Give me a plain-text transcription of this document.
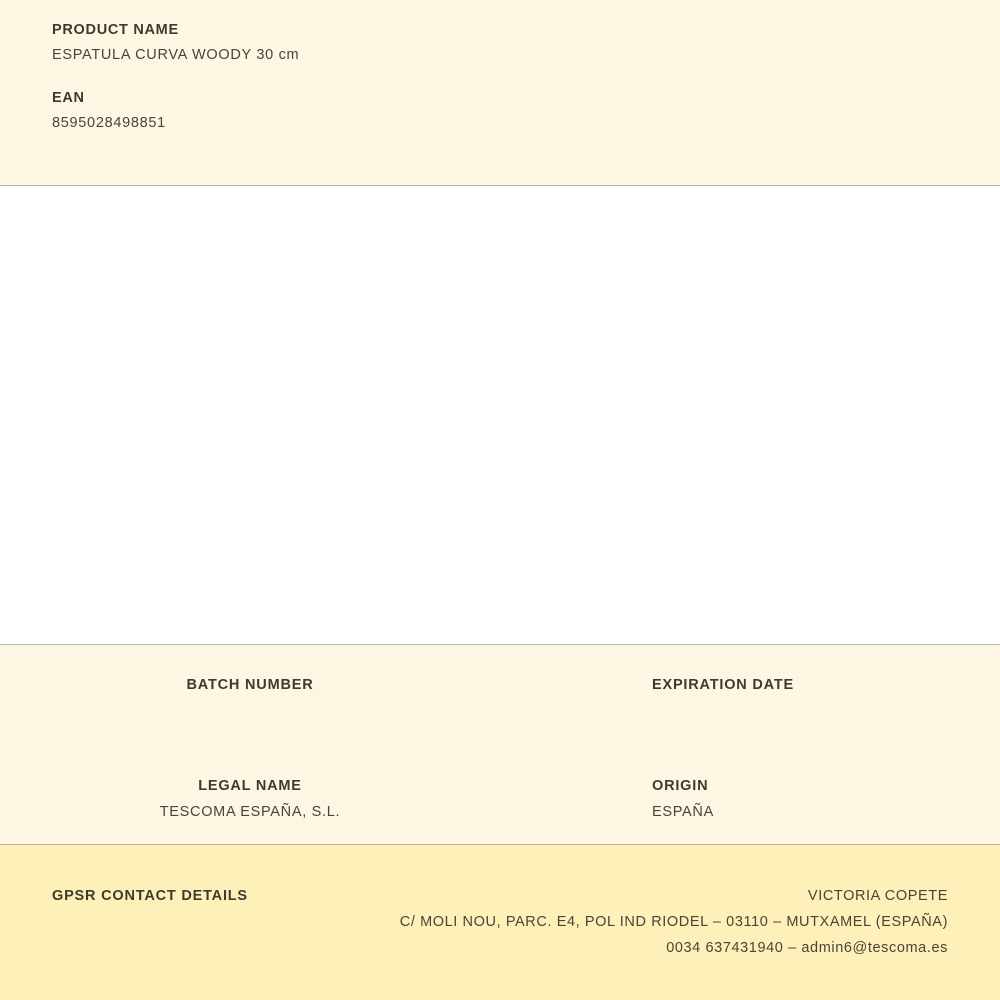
PRODUCT NAME
ESPATULA CURVA WOODY 30 cm
EAN
8595028498851
BATCH NUMBER	EXPIRATION DATE
LEGAL NAME
TESCOMA ESPAÑA, S.L.
ORIGIN
ESPAÑA
GPSR CONTACT DETAILS	VICTORIA COPETE
C/ MOLI NOU, PARC. E4, POL IND RIODEL – 03110 – MUTXAMEL (ESPAÑA)
0034 637431940 – admin6@tescoma.es
